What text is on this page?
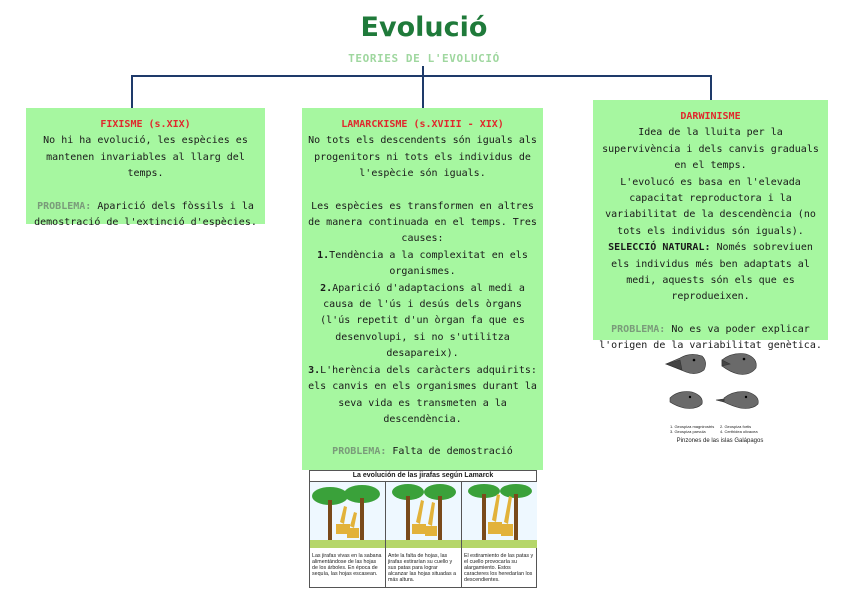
Evolució
TEORIES DE L'EVOLUCIÓ

FIXISME (s.XIX)

No hi ha evolució, les espècies es mantenen invariables al llarg del temps.

PROBLEMA: Aparició dels fòssils i la demostració de l'extinció d'espècies.

LAMARCKISME (s.XVIII - XIX)

No tots els descendents són iguals als progenitors ni tots els individus de l'espècie són iguals.

Les espècies es transformen en altres de manera continuada en el temps. Tres causes:

1.Tendència a la complexitat en els organismes.

2.Aparició d'adaptacions al medi a causa de l'ús i desús dels òrgans (l'ús repetit d'un òrgan fa que es desenvolupi, si no s'utilitza desapareix).

3.L'herència dels caràcters adquirits: els canvis en els organismes durant la seva vida es transmeten a la descendència.

PROBLEMA: Falta de demostració

DARWINISME

Idea de la lluita per la supervivència i dels canvis graduals en el temps.

L'evolucó es basa en l'elevada capacitat reproductora i la variabilitat de la descendència (no tots els individus són iguals).

SELECCIÓ NATURAL: Només sobreviuen els individus més ben adaptats al medi, aquests són els que es reprodueixen.

PROBLEMA: No es va poder explicar l'origen de la variabilitat genètica.

1. Geospiza magnirostris 2. Geospiza fortis
3. Geospiza parvula	4. Certhidea olivacea
Pinzones de las islas Galápagos
La evolución de las jirafas según Lamarck
Las jirafas vivas en la sabana alimentándose de las hojas de los árboles. En época de sequía, las hojas escasean.
Ante la falta de hojas, las jirafas estirarían su cuello y sus patas para lograr alcanzar las hojas situadas a más altura.
El estiramiento de las patas y el cuello provocaría su alargamiento. Estos caracteres los heredarían los descendientes.
